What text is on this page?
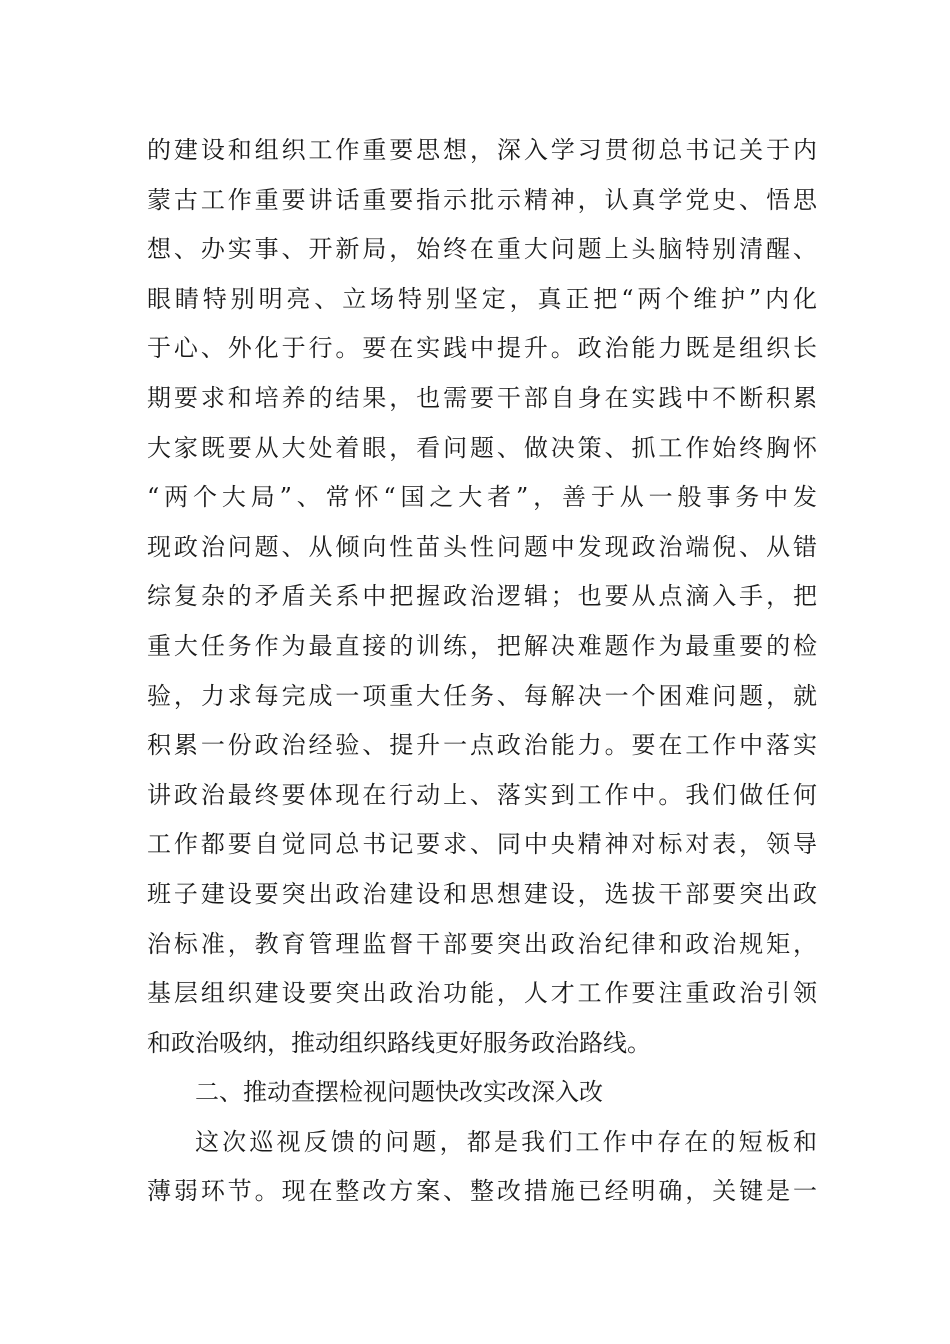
的建设和组织工作重要思想，深入学习贯彻总书记关于内
蒙古工作重要讲话重要指示批示精神，认真学党史、悟思
想、办实事、开新局，始终在重大问题上头脑特别清醒、
眼睛特别明亮、立场特别坚定，真正把“两个维护”内化
于心、外化于行。要在实践中提升。政治能力既是组织长
期要求和培养的结果，也需要干部自身在实践中不断积累
大家既要从大处着眼，看问题、做决策、抓工作始终胸怀
“两个大局”、常怀“国之大者”，善于从一般事务中发
现政治问题、从倾向性苗头性问题中发现政治端倪、从错
综复杂的矛盾关系中把握政治逻辑；也要从点滴入手，把
重大任务作为最直接的训练，把解决难题作为最重要的检
验，力求每完成一项重大任务、每解决一个困难问题，就
积累一份政治经验、提升一点政治能力。要在工作中落实
讲政治最终要体现在行动上、落实到工作中。我们做任何
工作都要自觉同总书记要求、同中央精神对标对表，领导
班子建设要突出政治建设和思想建设，选拔干部要突出政
治标准，教育管理监督干部要突出政治纪律和政治规矩，
基层组织建设要突出政治功能，人才工作要注重政治引领
和政治吸纳，推动组织路线更好服务政治路线。
二、推动查摆检视问题快改实改深入改
这次巡视反馈的问题，都是我们工作中存在的短板和
薄弱环节。现在整改方案、整改措施已经明确，关键是一
